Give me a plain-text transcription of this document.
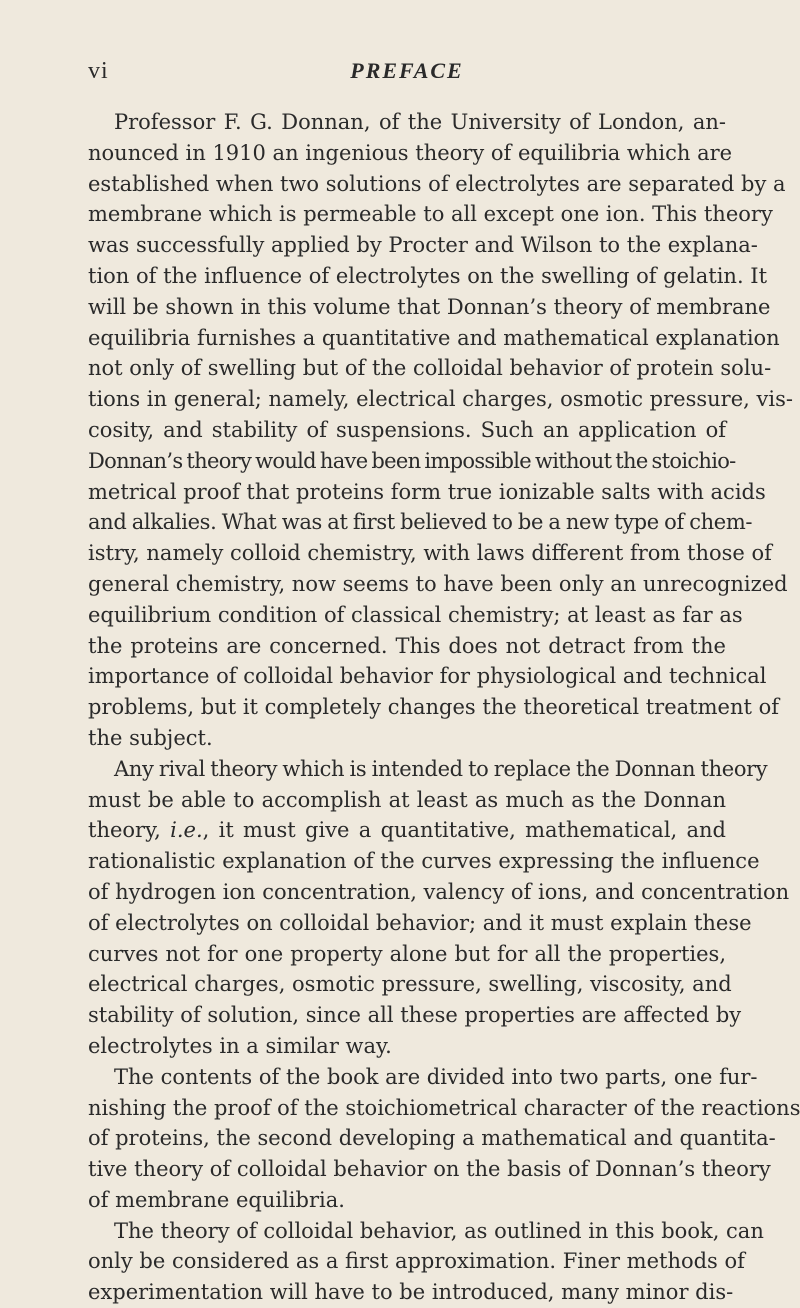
vi	PREFACE
Professor F. G. Donnan, of the University of London, an-
nounced in 1910 an ingenious theory of equilibria which are
established when two solutions of electrolytes are separated by a
membrane which is permeable to all except one ion. This theory
was successfully applied by Procter and Wilson to the explana-
tion of the influence of electrolytes on the swelling of gelatin. It
will be shown in this volume that Donnan’s theory of membrane
equilibria furnishes a quantitative and mathematical explanation
not only of swelling but of the colloidal behavior of protein solu-
tions in general; namely, electrical charges, osmotic pressure, vis-
cosity, and stability of suspensions. Such an application of
Donnan’s theory would have been impossible without the stoichio-
metrical proof that proteins form true ionizable salts with acids
and alkalies. What was at first believed to be a new type of chem-
istry, namely colloid chemistry, with laws different from those of
general chemistry, now seems to have been only an unrecognized
equilibrium condition of classical chemistry; at least as far as
the proteins are concerned. This does not detract from the
importance of colloidal behavior for physiological and technical
problems, but it completely changes the theoretical treatment of
the subject.
Any rival theory which is intended to replace the Donnan theory
must be able to accomplish at least as much as the Donnan
theory, i.e., it must give a quantitative, mathematical, and
rationalistic explanation of the curves expressing the influence
of hydrogen ion concentration, valency of ions, and concentration
of electrolytes on colloidal behavior; and it must explain these
curves not for one property alone but for all the properties,
electrical charges, osmotic pressure, swelling, viscosity, and
stability of solution, since all these properties are affected by
electrolytes in a similar way.
The contents of the book are divided into two parts, one fur-
nishing the proof of the stoichiometrical character of the reactions
of proteins, the second developing a mathematical and quantita-
tive theory of colloidal behavior on the basis of Donnan’s theory
of membrane equilibria.
The theory of colloidal behavior, as outlined in this book, can
only be considered as a first approximation. Finer methods of
experimentation will have to be introduced, many minor dis-
